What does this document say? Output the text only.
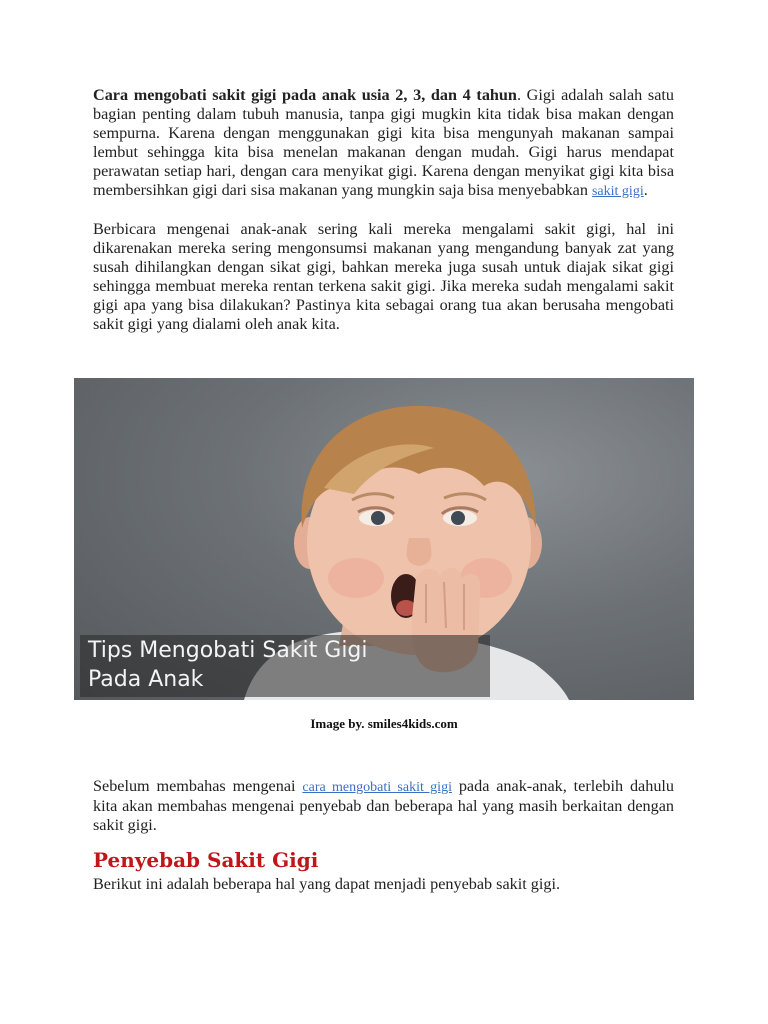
Cara mengobati sakit gigi pada anak usia 2, 3, dan 4 tahun. Gigi adalah salah satu bagian penting dalam tubuh manusia, tanpa gigi mugkin kita tidak bisa makan dengan sempurna. Karena dengan menggunakan gigi kita bisa mengunyah makanan sampai lembut sehingga kita bisa menelan makanan dengan mudah. Gigi harus mendapat perawatan setiap hari, dengan cara menyikat gigi. Karena dengan menyikat gigi kita bisa membersihkan gigi dari sisa makanan yang mungkin saja bisa menyebabkan sakit gigi.

Berbicara mengenai anak-anak sering kali mereka mengalami sakit gigi, hal ini dikarenakan mereka sering mengonsumsi makanan yang mengandung banyak zat yang susah dihilangkan dengan sikat gigi, bahkan mereka juga susah untuk diajak sikat gigi sehingga membuat mereka rentan terkena sakit gigi. Jika mereka sudah mengalami sakit gigi apa yang bisa dilakukan? Pastinya kita sebagai orang tua akan berusaha mengobati sakit gigi yang dialami oleh anak kita.

Tips Mengobati Sakit Gigi
Pada Anak
Image by. smiles4kids.com

Sebelum membahas mengenai cara mengobati sakit gigi pada anak-anak, terlebih dahulu kita akan membahas mengenai penyebab dan beberapa hal yang masih berkaitan dengan sakit gigi.

Penyebab Sakit Gigi

Berikut ini adalah beberapa hal yang dapat menjadi penyebab sakit gigi.
